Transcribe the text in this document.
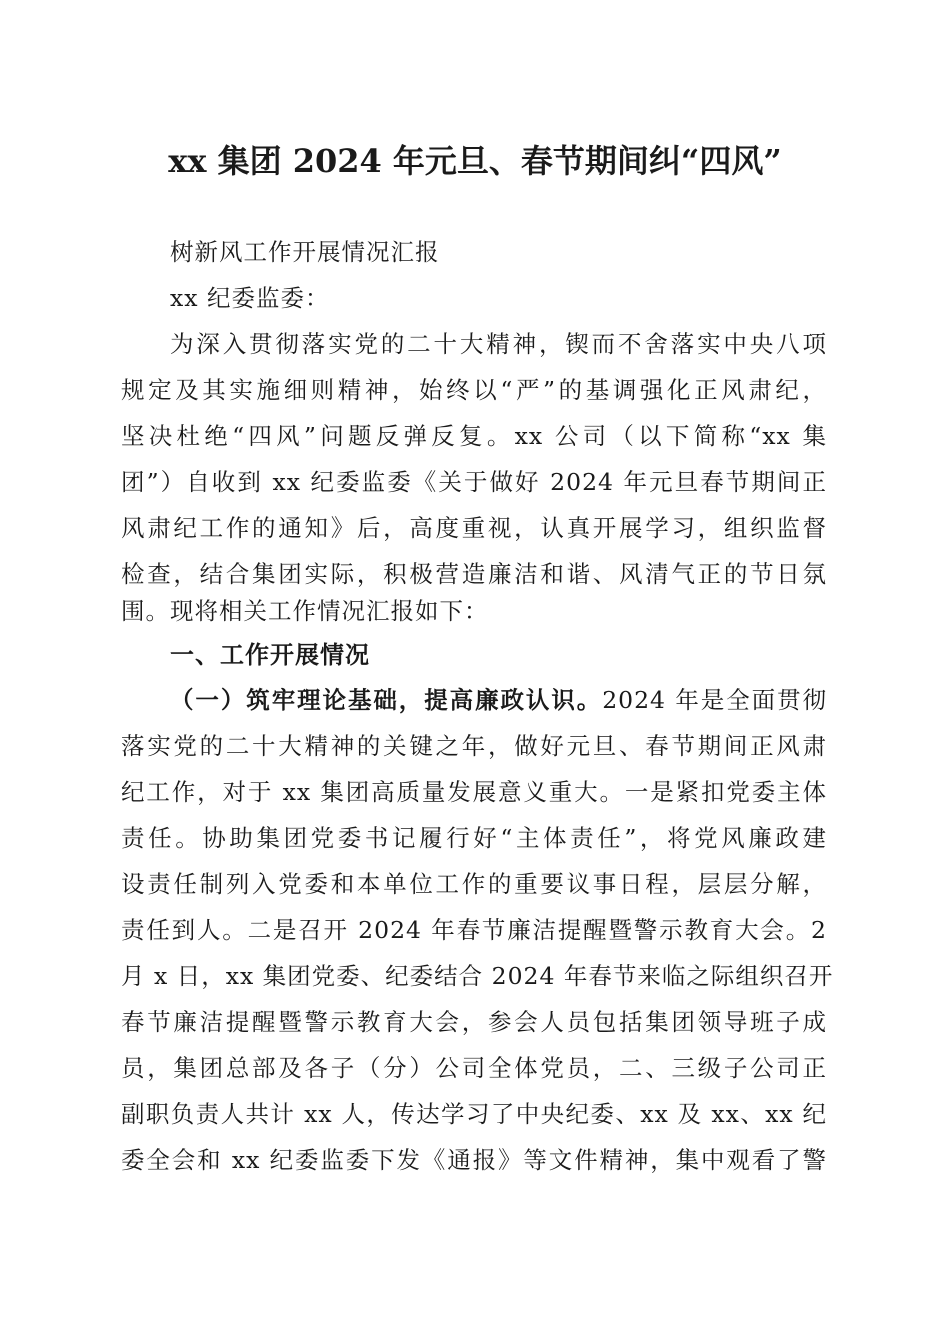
xx 集团 2024 年元旦、春节期间纠“四风”
树新风工作开展情况汇报
xx 纪委监委：
为深入贯彻落实党的二十大精神，锲而不舍落实中央八项
规定及其实施细则精神，始终以“严”的基调强化正风肃纪，
坚决杜绝“四风”问题反弹反复。xx 公司（以下简称“xx 集
团”）自收到 xx 纪委监委《关于做好 2024 年元旦春节期间正
风肃纪工作的通知》后，高度重视，认真开展学习，组织监督
检查，结合集团实际，积极营造廉洁和谐、风清气正的节日氛
围。现将相关工作情况汇报如下：
一、工作开展情况
（一）筑牢理论基础，提高廉政认识。2024 年是全面贯彻
落实党的二十大精神的关键之年，做好元旦、春节期间正风肃
纪工作，对于 xx 集团高质量发展意义重大。一是紧扣党委主体
责任。协助集团党委书记履行好“主体责任”，将党风廉政建
设责任制列入党委和本单位工作的重要议事日程，层层分解，
责任到人。二是召开 2024 年春节廉洁提醒暨警示教育大会。2
月 x 日，xx 集团党委、纪委结合 2024 年春节来临之际组织召开
春节廉洁提醒暨警示教育大会，参会人员包括集团领导班子成
员，集团总部及各子（分）公司全体党员，二、三级子公司正
副职负责人共计 xx 人，传达学习了中央纪委、xx 及 xx、xx 纪
委全会和 xx 纪委监委下发《通报》等文件精神，集中观看了警
